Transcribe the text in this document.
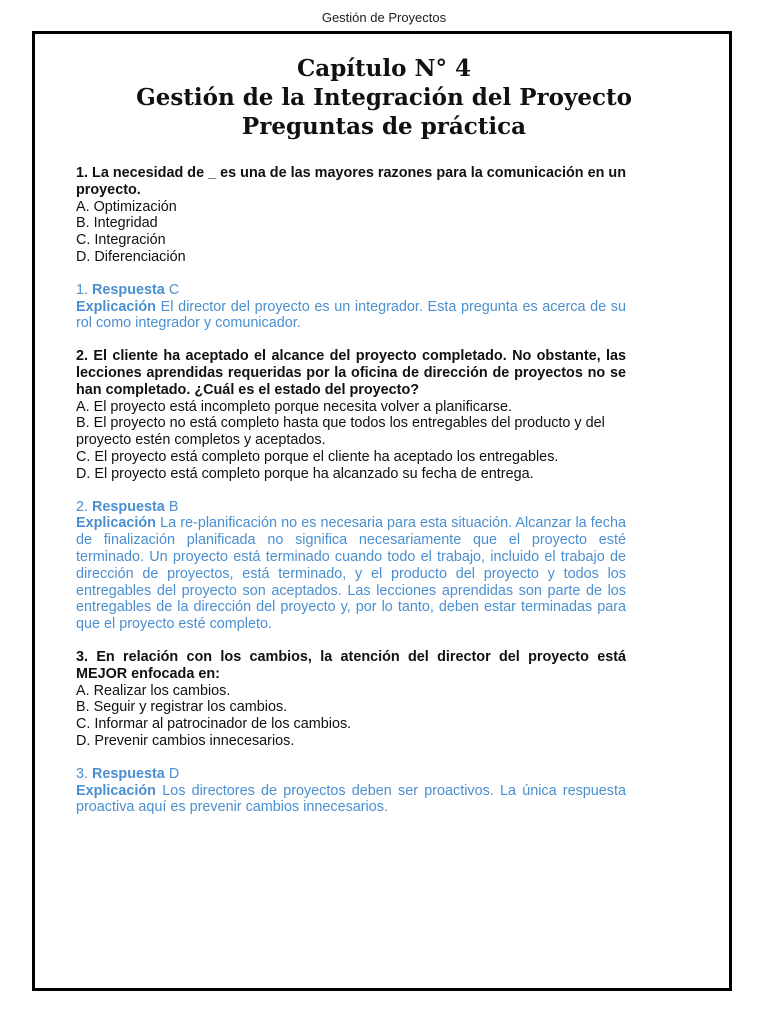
Gestión de Proyectos
Capítulo N° 4
Gestión de la Integración del Proyecto
Preguntas de práctica
1. La necesidad de _ es una de las mayores razones para la comunicación en un proyecto.
A. Optimización
B. Integridad
C. Integración
D. Diferenciación
1. Respuesta C
Explicación El director del proyecto es un integrador. Esta pregunta es acerca de su rol como integrador y comunicador.
2. El cliente ha aceptado el alcance del proyecto completado. No obstante, las lecciones aprendidas requeridas por la oficina de dirección de proyectos no se han completado. ¿Cuál es el estado del proyecto?
A. El proyecto está incompleto porque necesita volver a planificarse.
B. El proyecto no está completo hasta que todos los entregables del producto y del proyecto estén completos y aceptados.
C. El proyecto está completo porque el cliente ha aceptado los entregables.
D. El proyecto está completo porque ha alcanzado su fecha de entrega.
2. Respuesta B
Explicación La re-planificación no es necesaria para esta situación. Alcanzar la fecha de finalización planificada no significa necesariamente que el proyecto esté terminado. Un proyecto está terminado cuando todo el trabajo, incluido el trabajo de dirección de proyectos, está terminado, y el producto del proyecto y todos los entregables del proyecto son aceptados. Las lecciones aprendidas son parte de los entregables de la dirección del proyecto y, por lo tanto, deben estar terminadas para que el proyecto esté completo.
3. En relación con los cambios, la atención del director del proyecto está MEJOR enfocada en:
A. Realizar los cambios.
B. Seguir y registrar los cambios.
C. Informar al patrocinador de los cambios.
D. Prevenir cambios innecesarios.
3. Respuesta D
Explicación Los directores de proyectos deben ser proactivos. La única respuesta proactiva aquí es prevenir cambios innecesarios.
